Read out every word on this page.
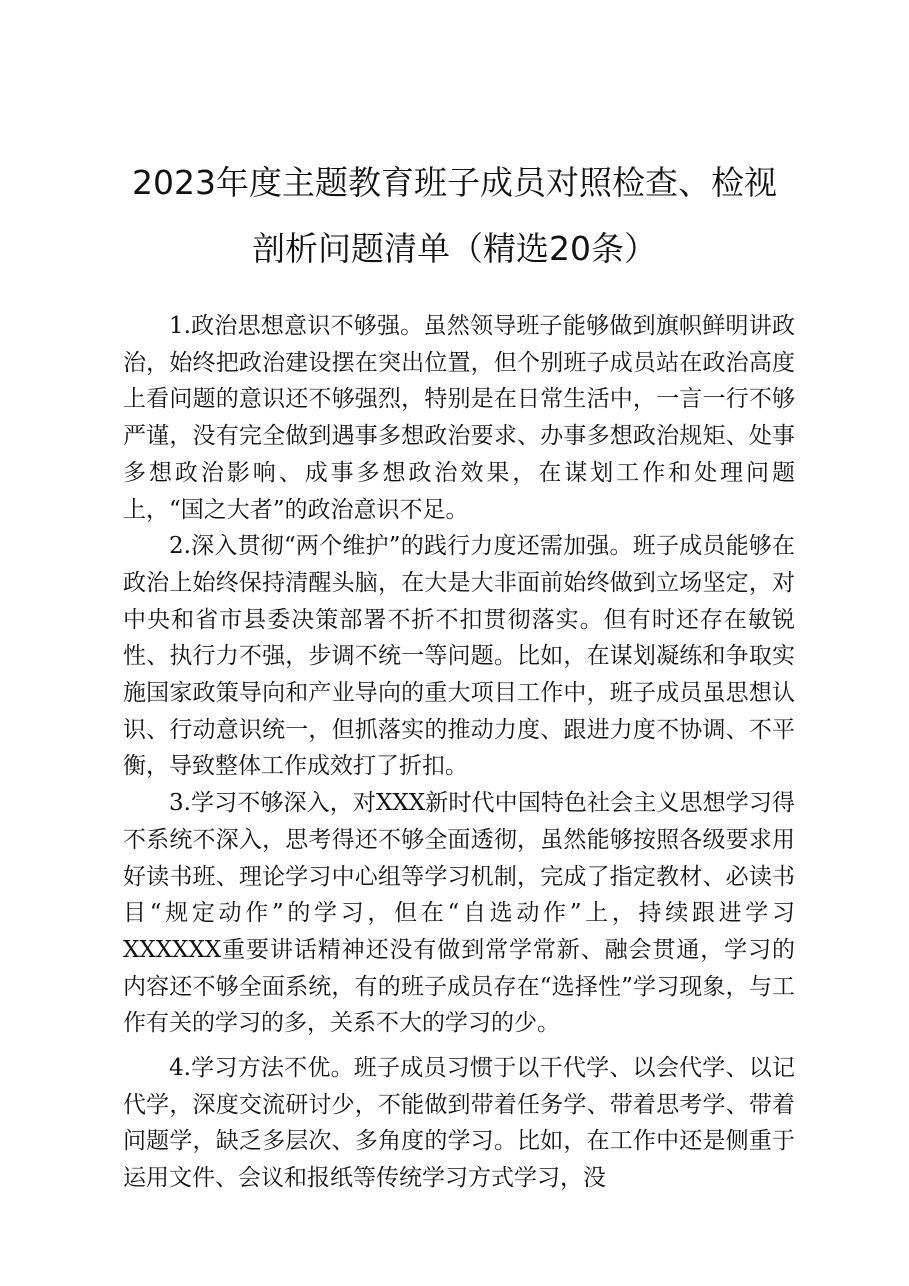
2023年度主题教育班子成员对照检查、检视
剖析问题清单（精选20条）

1.政治思想意识不够强。虽然领导班子能够做到旗帜鲜明讲政治，始终把政治建设摆在突出位置，但个别班子成员站在政治高度上看问题的意识还不够强烈，特别是在日常生活中，一言一行不够严谨，没有完全做到遇事多想政治要求、办事多想政治规矩、处事多想政治影响、成事多想政治效果，在谋划工作和处理问题上，“国之大者”的政治意识不足。

2.深入贯彻“两个维护”的践行力度还需加强。班子成员能够在政治上始终保持清醒头脑，在大是大非面前始终做到立场坚定，对中央和省市县委决策部署不折不扣贯彻落实。但有时还存在敏锐性、执行力不强，步调不统一等问题。比如，在谋划凝练和争取实施国家政策导向和产业导向的重大项目工作中，班子成员虽思想认识、行动意识统一，但抓落实的推动力度、跟进力度不协调、不平衡，导致整体工作成效打了折扣。

3.学习不够深入，对XXX新时代中国特色社会主义思想学习得不系统不深入，思考得还不够全面透彻，虽然能够按照各级要求用好读书班、理论学习中心组等学习机制，完成了指定教材、必读书目“规定动作”的学习，但在“自选动作”上，持续跟进学习XXXXXX重要讲话精神还没有做到常学常新、融会贯通，学习的内容还不够全面系统，有的班子成员存在“选择性”学习现象，与工作有关的学习的多，关系不大的学习的少。

4.学习方法不优。班子成员习惯于以干代学、以会代学、以记代学，深度交流研讨少，不能做到带着任务学、带着思考学、带着问题学，缺乏多层次、多角度的学习。比如，在工作中还是侧重于运用文件、会议和报纸等传统学习方式学习，没
